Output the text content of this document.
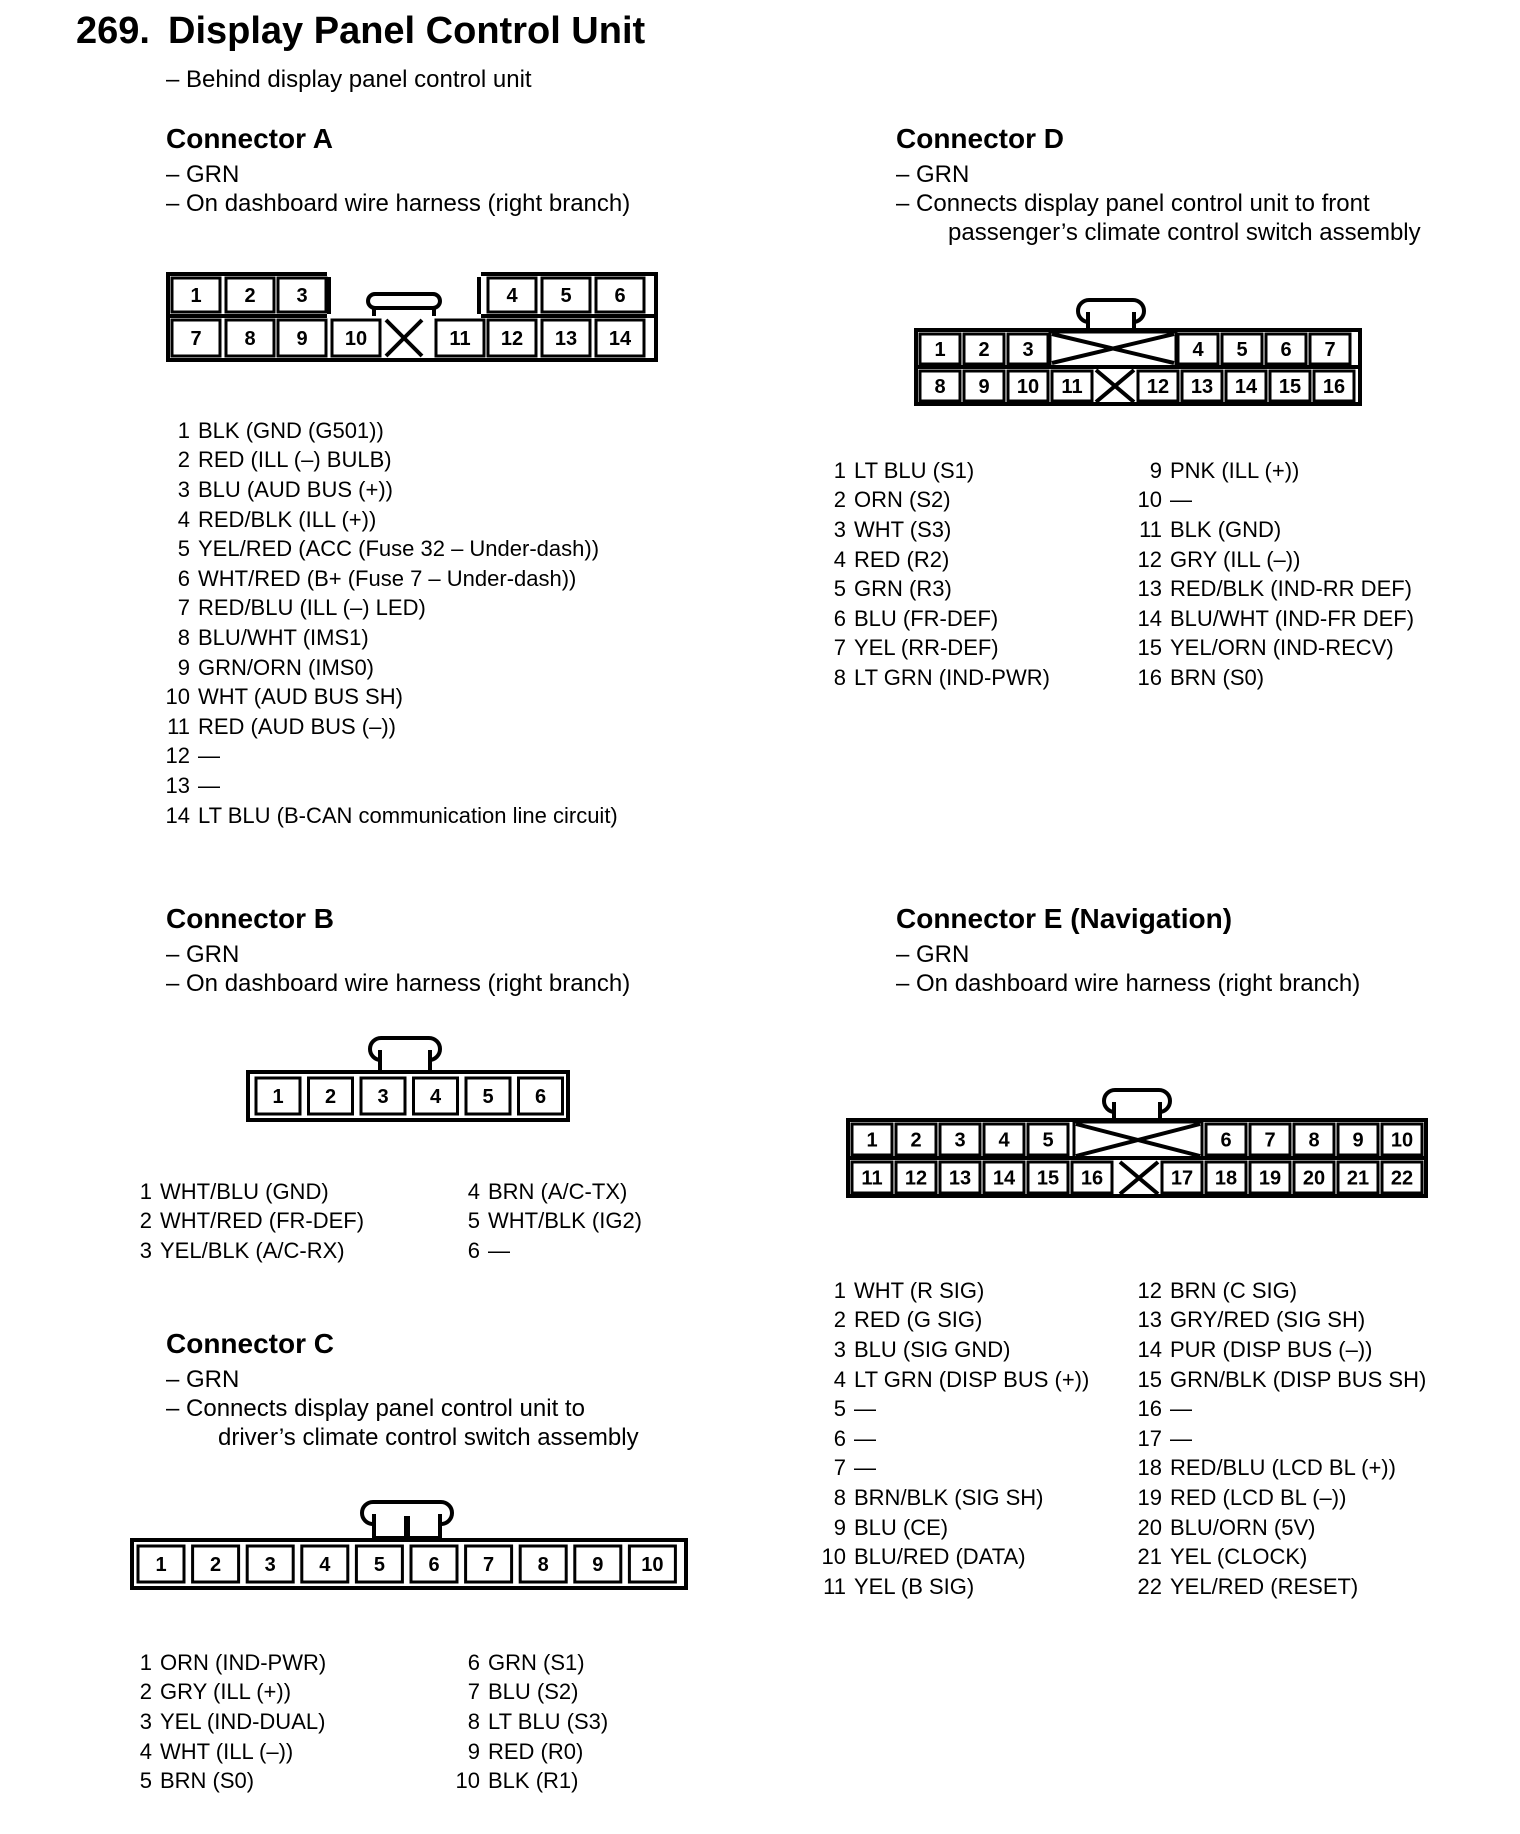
269. Display Panel Control Unit
– Behind display panel control unit
Connector A
– GRN
– On dashboard wire harness (right branch)
1 2 3	4 5 6
7 8 9 10	11 12 13 14
1 BLK (GND (G501))
2 RED (ILL (–) BULB)
3 BLU (AUD BUS (+))
4 RED/BLK (ILL (+))
5 YEL/RED (ACC (Fuse 32 – Under-dash))
6 WHT/RED (B+ (Fuse 7 – Under-dash))
7 RED/BLU (ILL (–) LED)
8 BLU/WHT (IMS1)
9 GRN/ORN (IMS0)
10 WHT (AUD BUS SH)
11 RED (AUD BUS (–))
12 —
13 —
14 LT BLU (B-CAN communication line circuit)
Connector D
– GRN
– Connects display panel control unit to front
passenger’s climate control switch assembly
1 2 3	4 5 6 7
8 9 10 11	12 13 14 15 16
1 LT BLU (S1)
2 ORN (S2)
3 WHT (S3)
4 RED (R2)
5 GRN (R3)
6 BLU (FR-DEF)
7 YEL (RR-DEF)
8 LT GRN (IND-PWR)
9 PNK (ILL (+))
10 —
11 BLK (GND)
12 GRY (ILL (–))
13 RED/BLK (IND-RR DEF)
14 BLU/WHT (IND-FR DEF)
15 YEL/ORN (IND-RECV)
16 BRN (S0)
Connector B
– GRN
– On dashboard wire harness (right branch)
1 2 3 4 5 6
1 WHT/BLU (GND)
2 WHT/RED (FR-DEF)
3 YEL/BLK (A/C-RX)
4 BRN (A/C-TX)
5 WHT/BLK (IG2)
6 —
Connector E (Navigation)
– GRN
– On dashboard wire harness (right branch)
1 2 3 4 5	6 7 8 9 10
11 12 13 14 15 16	17 18 19 20 21 22
1 WHT (R SIG)
2 RED (G SIG)
3 BLU (SIG GND)
4 LT GRN (DISP BUS (+))
5 —
6 —
7 —
8 BRN/BLK (SIG SH)
9 BLU (CE)
10 BLU/RED (DATA)
11 YEL (B SIG)
12 BRN (C SIG)
13 GRY/RED (SIG SH)
14 PUR (DISP BUS (–))
15 GRN/BLK (DISP BUS SH)
16 —
17 —
18 RED/BLU (LCD BL (+))
19 RED (LCD BL (–))
20 BLU/ORN (5V)
21 YEL (CLOCK)
22 YEL/RED (RESET)
Connector C
– GRN
– Connects display panel control unit to
driver’s climate control switch assembly
1 2 3 4 5 6 7 8 9 10
1 ORN (IND-PWR)
2 GRY (ILL (+))
3 YEL (IND-DUAL)
4 WHT (ILL (–))
5 BRN (S0)
6 GRN (S1)
7 BLU (S2)
8 LT BLU (S3)
9 RED (R0)
10 BLK (R1)
